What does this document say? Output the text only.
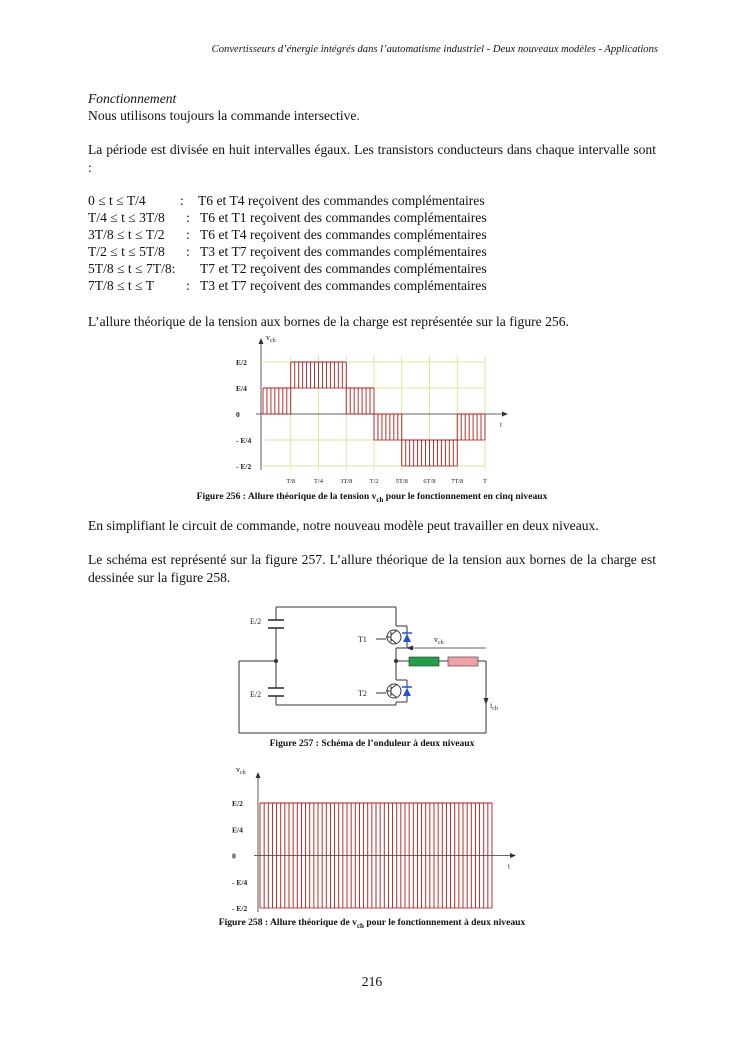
Convertisseurs d’énergie intégrés dans l’automatisme industriel - Deux nouveaux modèles - Applications
Fonctionnement
Nous utilisons toujours la commande intersective.
La période est divisée en huit intervalles égaux. Les transistors conducteurs dans chaque intervalle sont :
0 ≤ t ≤ T/4	: T6 et T4 reçoivent des commandes complémentaires
T/4 ≤ t ≤ 3T/8 : T6 et T1 reçoivent des commandes complémentaires
3T/8 ≤ t ≤ T/2 : T6 et T4 reçoivent des commandes complémentaires
T/2 ≤ t ≤ 5T/8 : T3 et T7 reçoivent des commandes complémentaires
5T/8 ≤ t ≤ 7T/8: T7 et T2 reçoivent des commandes complémentaires
7T/8 ≤ t ≤ T : T3 et T7 reçoivent des commandes complémentaires
L’allure théorique de la tension aux bornes de la charge est représentée sur la figure 256.
$v_{ch}$
t
E/2
E/4
0
- E/4
- E/2
T/8	T/4	3T/8	T/2	5T/8 6T/8 7T/8	T
Figure 256 : Allure théorique de la tension $v_{ch}$ pour le fonctionnement en cinq niveaux
En simplifiant le circuit de commande, notre nouveau modèle peut travailler en deux niveaux.
Le schéma est représenté sur la figure 257. L’allure théorique de la tension aux bornes de la charge est dessinée sur la figure 258.
E/2
E/2
T1
T2
$v_{ch}$
$i_{ch}$
Figure 257 : Schéma de l’onduleur à deux niveaux
$v_{ch}$
t
E/2
E/4
0
- E/4
- E/2
Figure 258 : Allure théorique de $v_{ch}$ pour le fonctionnement à deux niveaux
216
